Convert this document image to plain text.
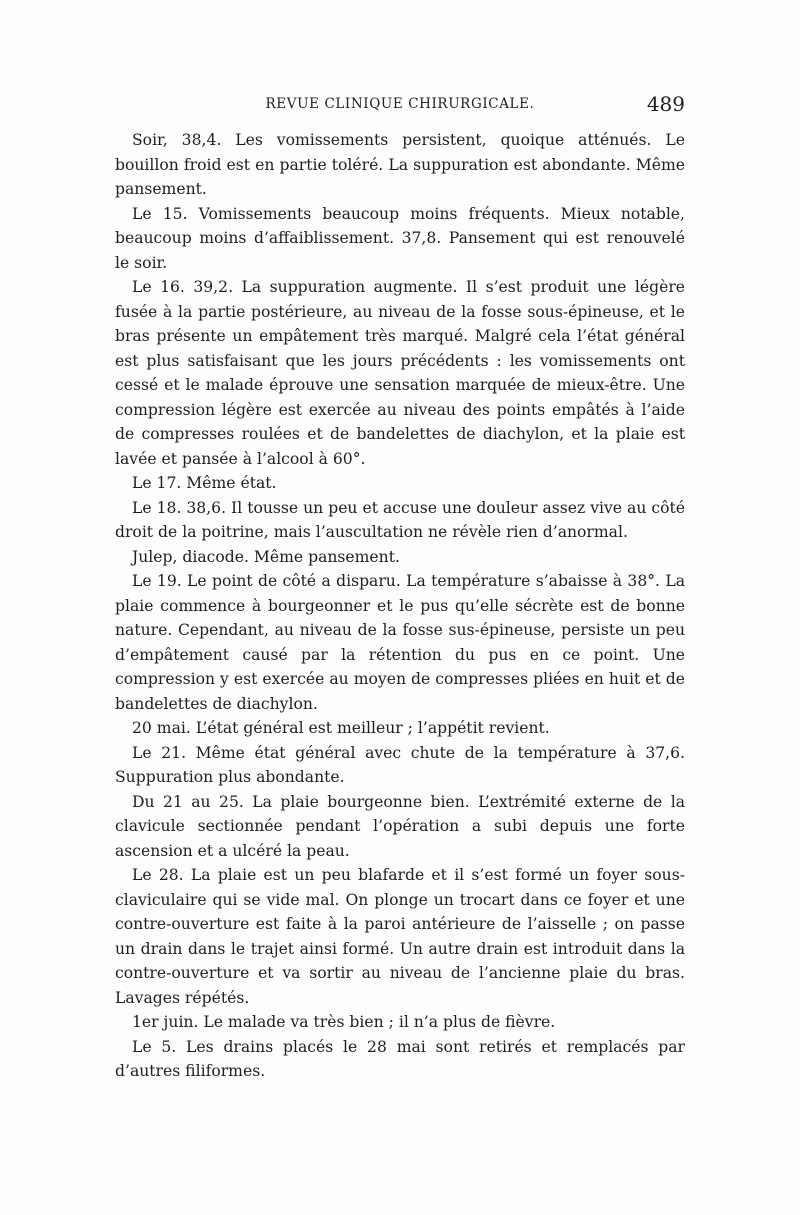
REVUE CLINIQUE CHIRURGICALE.	489

Soir, 38,4. Les vomissements persistent, quoique atténués. Le bouillon froid est en partie toléré. La suppuration est abondante. Même pansement.

Le 15. Vomissements beaucoup moins fréquents. Mieux notable, beaucoup moins d’affaiblissement. 37,8. Pansement qui est renouvelé le soir.

Le 16. 39,2. La suppuration augmente. Il s’est produit une légère fusée à la partie postérieure, au niveau de la fosse sous-épineuse, et le bras présente un empâtement très marqué. Malgré cela l’état général est plus satisfaisant que les jours précédents : les vomissements ont cessé et le malade éprouve une sensation marquée de mieux-être. Une compression légère est exercée au niveau des points empâtés à l’aide de compresses roulées et de bandelettes de diachylon, et la plaie est lavée et pansée à l’alcool à 60°.

Le 17. Même état.

Le 18. 38,6. Il tousse un peu et accuse une douleur assez vive au côté droit de la poitrine, mais l’auscultation ne révèle rien d’anormal.

Julep, diacode. Même pansement.

Le 19. Le point de côté a disparu. La température s’abaisse à 38°. La plaie commence à bourgeonner et le pus qu’elle sécrète est de bonne nature. Cependant, au niveau de la fosse sus-épineuse, persiste un peu d’empâtement causé par la rétention du pus en ce point. Une compression y est exercée au moyen de compresses pliées en huit et de bandelettes de diachylon.

20 mai. L’état général est meilleur ; l’appétit revient.

Le 21. Même état général avec chute de la température à 37,6. Suppuration plus abondante.

Du 21 au 25. La plaie bourgeonne bien. L’extrémité externe de la clavicule sectionnée pendant l’opération a subi depuis une forte ascension et a ulcéré la peau.

Le 28. La plaie est un peu blafarde et il s’est formé un foyer sous-claviculaire qui se vide mal. On plonge un trocart dans ce foyer et une contre-ouverture est faite à la paroi antérieure de l’aisselle ; on passe un drain dans le trajet ainsi formé. Un autre drain est introduit dans la contre-ouverture et va sortir au niveau de l’ancienne plaie du bras. Lavages répétés.

1er juin. Le malade va très bien ; il n’a plus de fièvre.

Le 5. Les drains placés le 28 mai sont retirés et remplacés par d’autres filiformes.
